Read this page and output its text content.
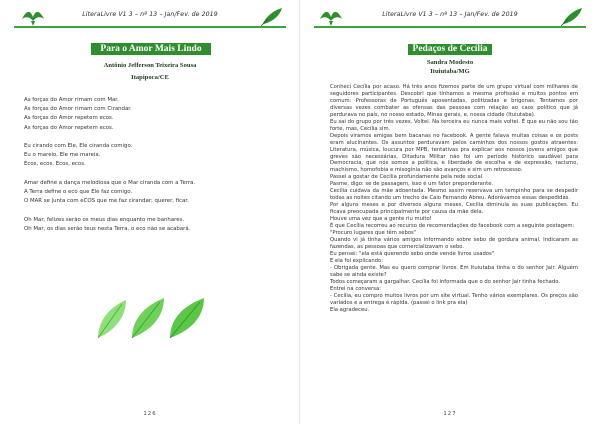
LiteraLivre V1 3 – nº 13 – Jan/Fev. de 2019
Para o Amor Mais Lindo
Antônio Jefferson Teixeira Sousa
Itapipoca/CE
As forças do Amor rimam com Mar.
As forças do Amor rimam com Cirandar.
As forças do Amor repetem ecos.
As forças do Amor repetem ecos.
Eu cirando com Ele, Ele ciranda comigo.
Eu o mareio, Ele me mareia.
Ecos, ecos. Ecos, ecos.
Amar define a dança melodiosa que o Mar ciranda com a Terra.
A Terra define o eco que Ele faz comigo.
O MAR se junta com eCOS que me faz cirandar; querer, ficar.
Oh Mar, felizes serão os meus dias enquanto me banhares.
Oh Mar, os dias serão teus nesta Terra, o eco não se acabará.
126
LiteraLivre V1 3 – nº 13 – Jan/Fev. de 2019
Pedaços de Cecília
Sandra Modesto
Ituiutaba/MG

Conheci Cecília por acaso. Há três anos fizemos parte de um grupo virtual com milhares de seguidores participantes. Descobri que tínhamos a mesma profissão e muitos pontos em comum: Professoras de Português aposentadas, politizadas e brigonas. Tentamos por diversas vezes combater as ofensas das pessoas com relação ao caos político que já perdurava no país, no nosso estado, Minas gerais, e, nossa cidade (Ituiutaba).

Eu sai do grupo por três vezes. Voltei. Na terceira eu nunca mais voltei. É que eu não sou tão forte, mas, Cecília sim.

Depois viramos amigas bem bacanas no facebook. A gente falava muitas coisas e os posts eram alucinantes. Os assuntos perduravam pelos caminhos dos nossos gostos atraentes: Literatura, música, loucura por MPB, tentativas pra explicar aos nossos jovens amigos que greves são necessárias, Ditadura Militar não foi um período histórico saudável para Democracia, que nós somos a política, e liberdade de escolha e de expressão, racismo, machismo, homofobia e misoginia não são avanços e sim um retrocesso.

Passei a gostar de Cecília profundamente pela rede social.

Pasme, digo: se de passagem, isso é um fator preponderante.

Cecília cuidava da mãe adoentada. Mesmo assim reservava um tempinho para se despedir todas as noites citando um trecho de Caio Fernando Abreu. Adorávamos essas despedidas.

Por alguns meses e por diversos alguns meses, Cecília diminuía as suas publicações. Eu ficava preocupada principalmente por causa da mãe dela.

Houve uma vez que a gente riu muito!

É que Cecília recorreu ao recurso de recomendações do facebook com a seguinte postagem:

"Procuro lugares que têm sebos"

Quando vi já tinha vários amigos informando sobre sebo de gordura animal. Indicaram as fazendas, as pessoas que comercializavam o sebo.

Eu pensei: "ela está querendo sebo onde vende livros usados"

E ela foi explicando:

- Obrigada gente. Mas eu quero comprar livros. Em Ituiutaba tinha o do senhor Jair. Alguém sabe se ainda existe?

Todos começaram a gargalhar. Cecília foi informada que o do senhor Jair tinha fechado.

Entrei na conversa:

- Cecília, eu compro muitos livros por um site virtual. Tenho vários exemplares. Os preços são variados e a entrega é rápida. (passei o link pra ela)

Ela agradeceu.

127
